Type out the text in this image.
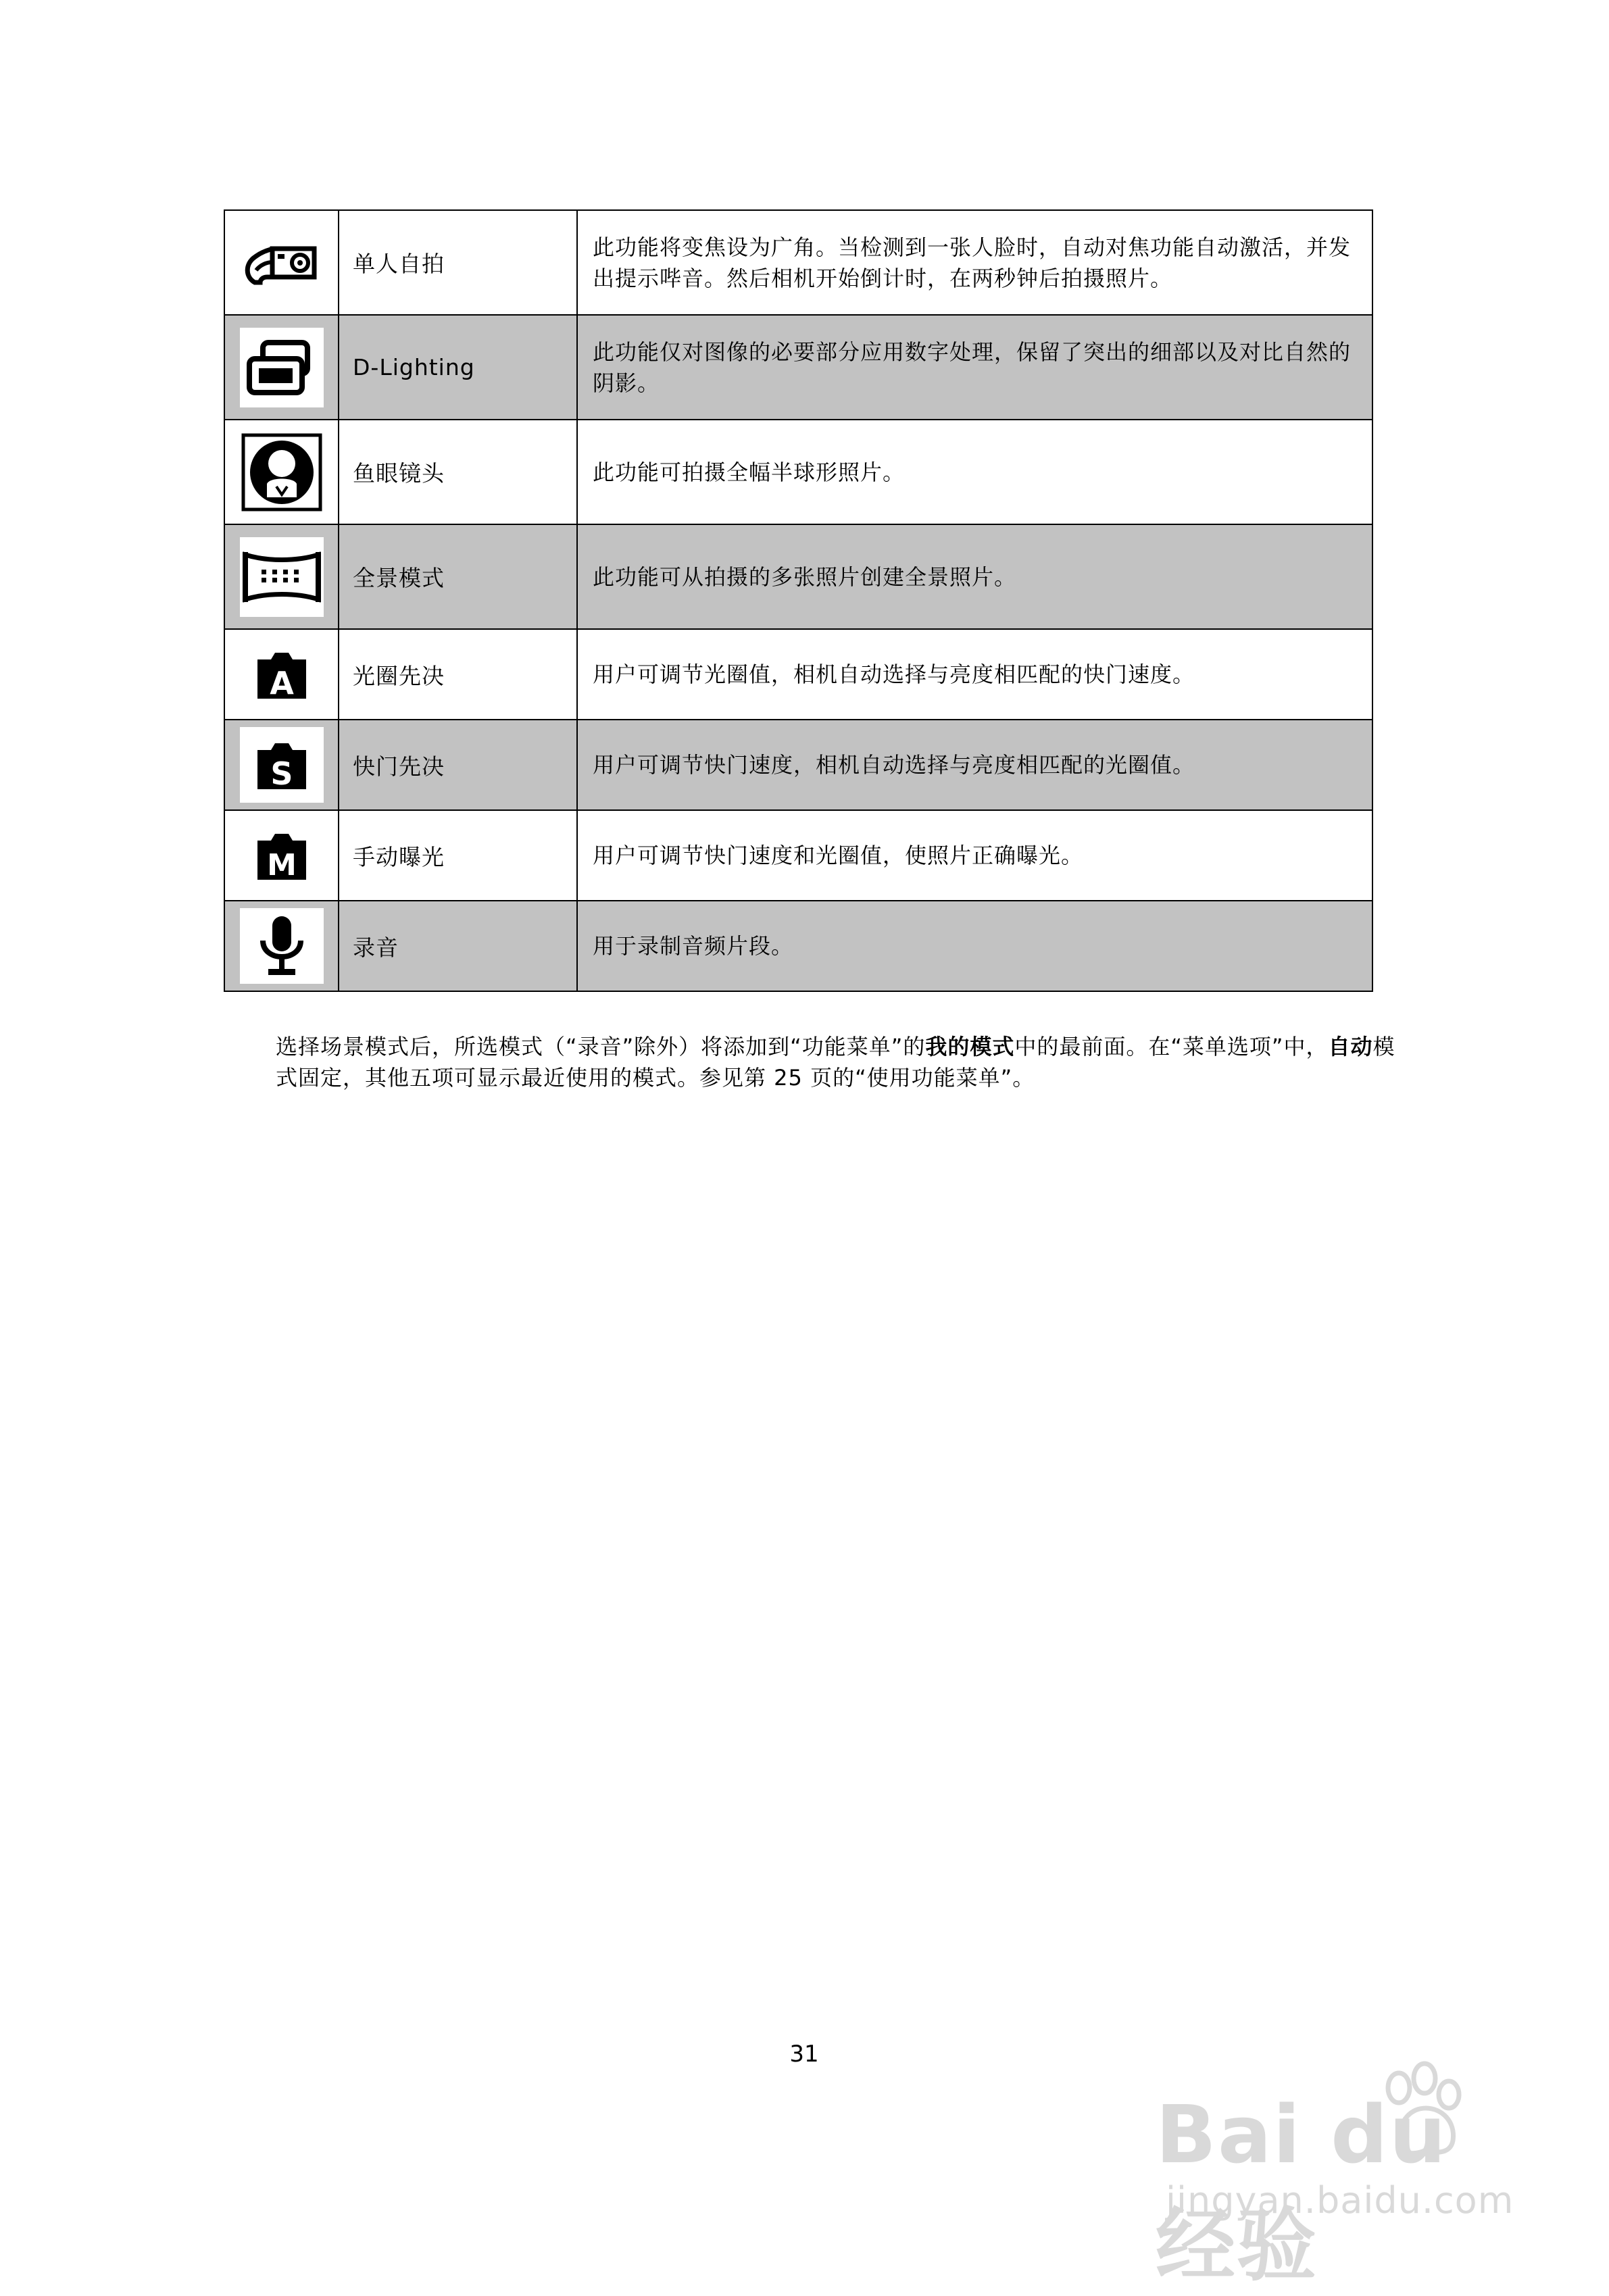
	单人自拍	此功能将变焦设为广角。当检测到一张人脸时，自动对焦功能自动激活，并发出提示哔音。然后相机开始倒计时，在两秒钟后拍摄照片。

	D-Lighting	此功能仅对图像的必要部分应用数字处理，保留了突出的细部以及对比自然的阴影。

	鱼眼镜头	此功能可拍摄全幅半球形照片。

	全景模式	此功能可从拍摄的多张照片创建全景照片。

A	光圈先决	用户可调节光圈值，相机自动选择与亮度相匹配的快门速度。

S	快门先决	用户可调节快门速度，相机自动选择与亮度相匹配的光圈值。

M	手动曝光	用户可调节快门速度和光圈值，使照片正确曝光。

	录音	用于录制音频片段。
选择场景模式后，所选模式（“录音”除外）将添加到“功能菜单”的我的模式中的最前面。在“菜单选项”中，自动模式固定，其他五项可显示最近使用的模式。参见第 25 页的“使用功能菜单”。
31
Bai du 经验
jingyan.baidu.com
